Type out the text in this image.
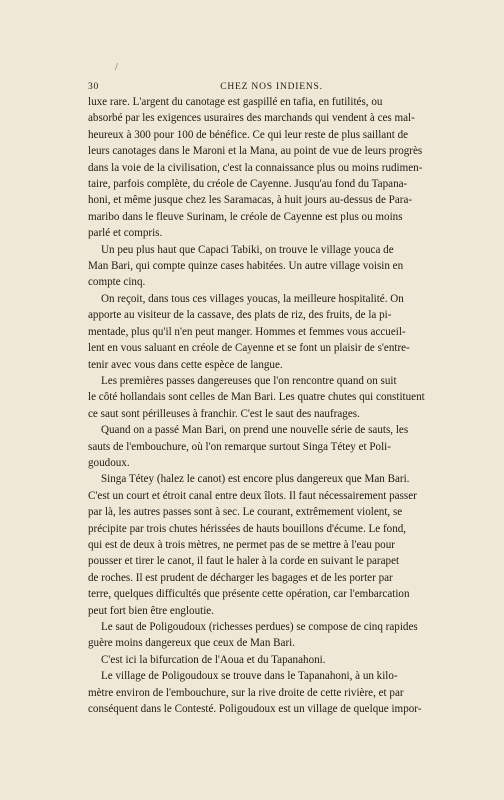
/
30	CHEZ NOS INDIENS.

luxe rare. L'argent du canotage est gaspillé en tafia, en futilités, ou
absorbé par les exigences usuraires des marchands qui vendent à ces mal-
heureux à 300 pour 100 de bénéfice. Ce qui leur reste de plus saillant de
leurs canotages dans le Maroni et la Mana, au point de vue de leurs progrès
dans la voie de la civilisation, c'est la connaissance plus ou moins rudimen-
taire, parfois complète, du créole de Cayenne. Jusqu'au fond du Tapana-
honi, et même jusque chez les Saramacas, à huit jours au-dessus de Para-
maribo dans le fleuve Surinam, le créole de Cayenne est plus ou moins
parlé et compris.

Un peu plus haut que Capaci Tabiki, on trouve le village youca de
Man Bari, qui compte quinze cases habitées. Un autre village voisin en
compte cinq.

On reçoit, dans tous ces villages youcas, la meilleure hospitalité. On
apporte au visiteur de la cassave, des plats de riz, des fruits, de la pi-
mentade, plus qu'il n'en peut manger. Hommes et femmes vous accueil-
lent en vous saluant en créole de Cayenne et se font un plaisir de s'entre-
tenir avec vous dans cette espèce de langue.

Les premières passes dangereuses que l'on rencontre quand on suit
le côté hollandais sont celles de Man Bari. Les quatre chutes qui constituent
ce saut sont périlleuses à franchir. C'est le saut des naufrages.

Quand on a passé Man Bari, on prend une nouvelle série de sauts, les
sauts de l'embouchure, où l'on remarque surtout Singa Tétey et Poli-
goudoux.

Singa Tétey (halez le canot) est encore plus dangereux que Man Bari.
C'est un court et étroit canal entre deux îlots. Il faut nécessairement passer
par là, les autres passes sont à sec. Le courant, extrêmement violent, se
précipite par trois chutes hérissées de hauts bouillons d'écume. Le fond,
qui est de deux à trois mètres, ne permet pas de se mettre à l'eau pour
pousser et tirer le canot, il faut le haler à la corde en suivant le parapet
de roches. Il est prudent de décharger les bagages et de les porter par
terre, quelques difficultés que présente cette opération, car l'embarcation
peut fort bien être engloutie.

Le saut de Poligoudoux (richesses perdues) se compose de cinq rapides
guère moins dangereux que ceux de Man Bari.

C'est ici la bifurcation de l'Aoua et du Tapanahoni.

Le village de Poligoudoux se trouve dans le Tapanahoni, à un kilo-
mètre environ de l'embouchure, sur la rive droite de cette rivière, et par
conséquent dans le Contesté. Poligoudoux est un village de quelque impor-
